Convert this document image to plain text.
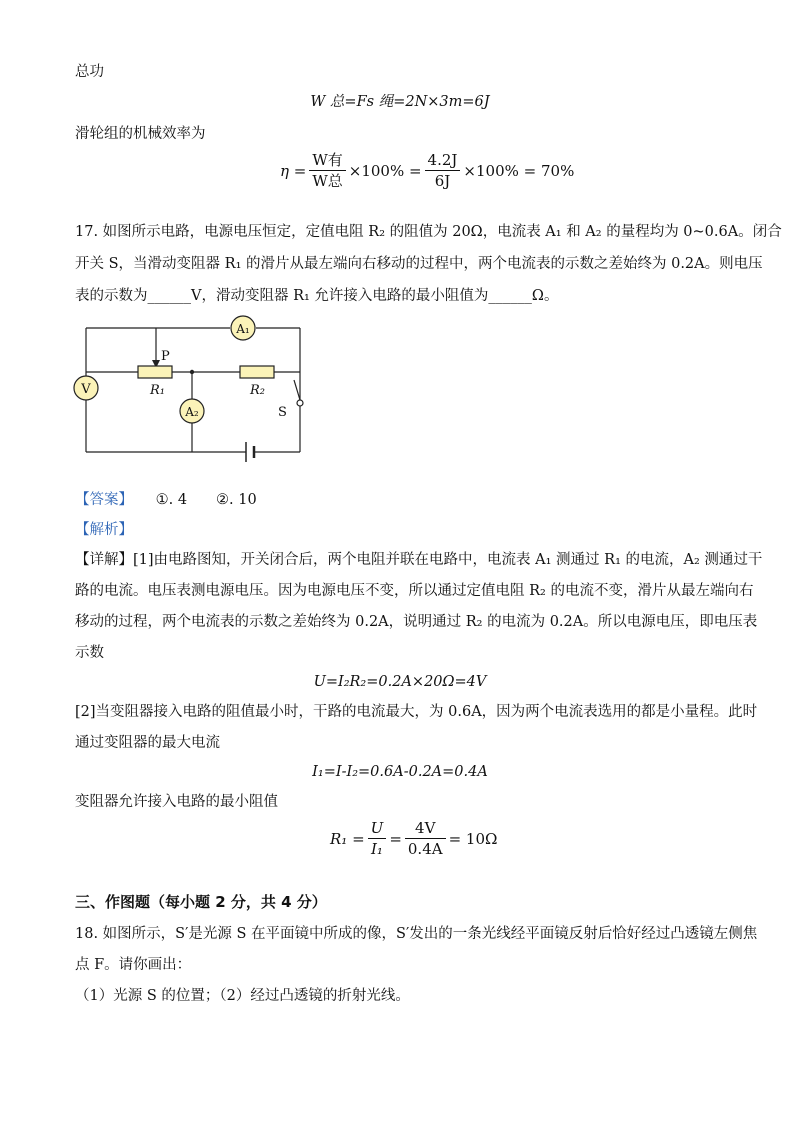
总功
W 总=Fs 绳=2N×3m=6J
滑轮组的机械效率为
$\eta = \frac{\text{W有}}{\text{W总}} \times 100\% = \frac{4.2J}{6J} \times 100\% = 70\%$
17. 如图所示电路，电源电压恒定，定值电阻 R₂ 的阻值为 20Ω，电流表 A₁ 和 A₂ 的量程均为 0~0.6A。闭合
开关 S，当滑动变阻器 R₁ 的滑片从最左端向右移动的过程中，两个电流表的示数之差始终为 0.2A。则电压
表的示数为______V，滑动变阻器 R₁ 允许接入电路的最小阻值为______Ω。
V
A₁
A₂
P
R₁	R₂
S
【答案】 ①. 4　　②. 10
【解析】
【详解】[1]由电路图知，开关闭合后，两个电阻并联在电路中，电流表 A₁ 测通过 R₁ 的电流，A₂ 测通过干
路的电流。电压表测电源电压。因为电源电压不变，所以通过定值电阻 R₂ 的电流不变，滑片从最左端向右
移动的过程，两个电流表的示数之差始终为 0.2A，说明通过 R₂ 的电流为 0.2A。所以电源电压，即电压表
示数
U=I₂R₂=0.2A×20Ω=4V
[2]当变阻器接入电路的阻值最小时，干路的电流最大，为 0.6A，因为两个电流表选用的都是小量程。此时
通过变阻器的最大电流
I₁=I-I₂=0.6A-0.2A=0.4A
变阻器允许接入电路的最小阻值
$R_1 = \frac{U}{\text{I₁}} = \frac{4V}{0.4A} = 10\Omega$
三、作图题（每小题 2 分，共 4 分）
18. 如图所示，S′是光源 S 在平面镜中所成的像，S′发出的一条光线经平面镜反射后恰好经过凸透镜左侧焦
点 F。请你画出：
（1）光源 S 的位置；（2）经过凸透镜的折射光线。
